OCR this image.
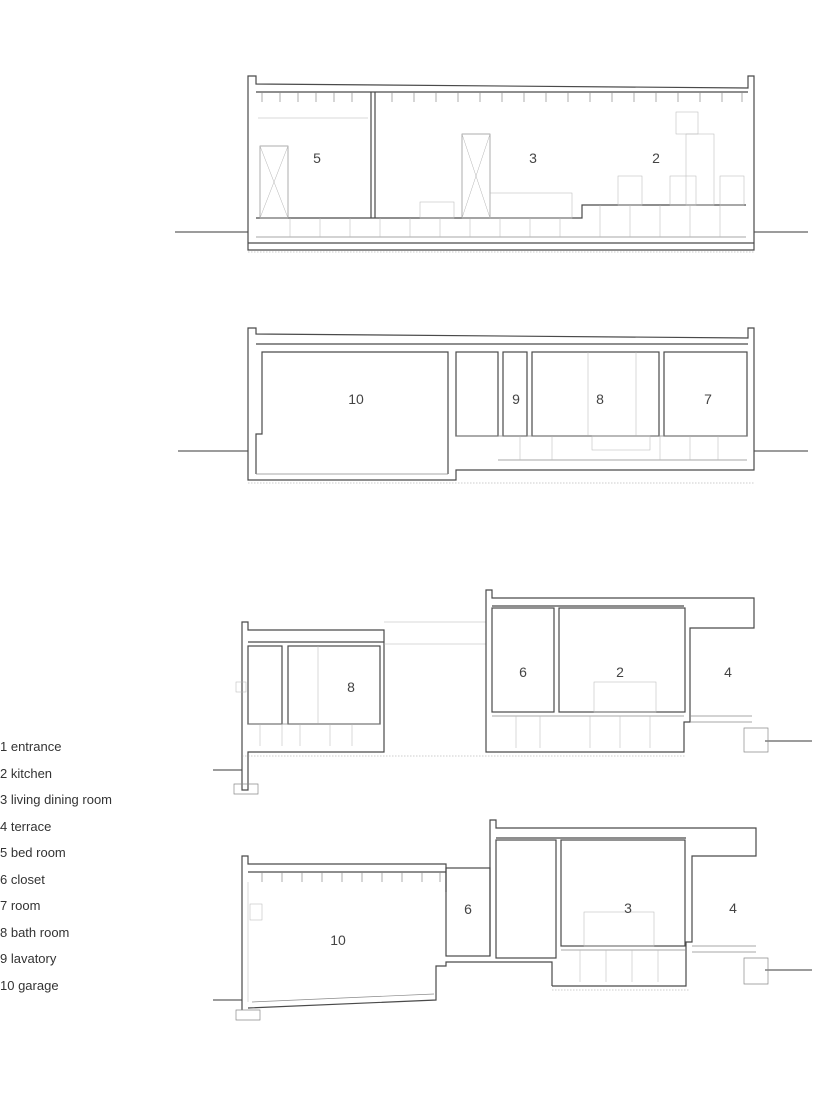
5	3	2
10	9	8	7
8
6	2	4
10
6	3	4
1 entrance
2 kitchen
3 living dining room
4 terrace
5 bed room
6 closet
7 room
8 bath room
9 lavatory
10 garage
